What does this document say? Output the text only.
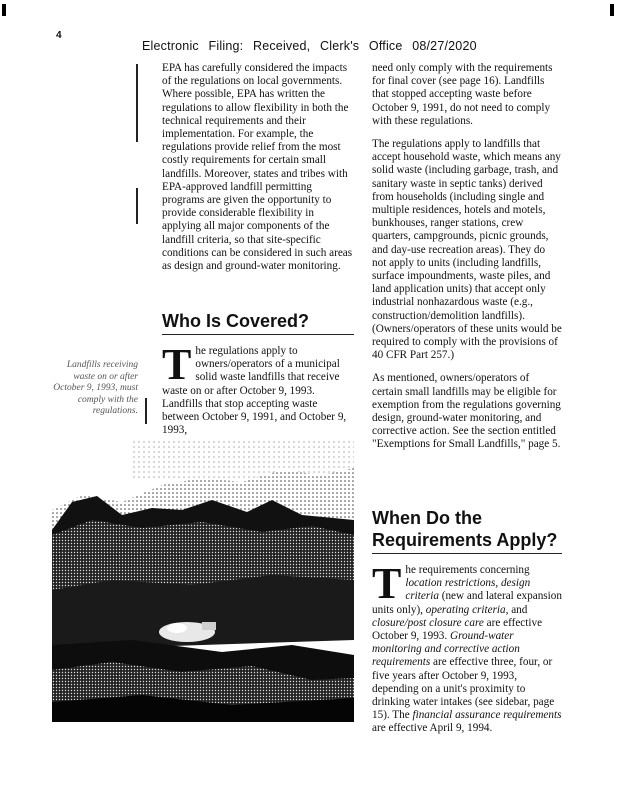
4
Electronic Filing: Received, Clerk's Office 08/27/2020

EPA has carefully considered the impacts of the regulations on local governments. Where possible, EPA has written the regulations to allow flexibility in both the technical requirements and their implementation. For example, the regulations provide relief from the most costly requirements for certain small landfills. Moreover, states and tribes with EPA-approved landfill permitting programs are given the opportunity to provide considerable flexibility in applying all major components of the landfill criteria, so that site-specific conditions can be considered in such areas as design and ground-water monitoring.

Who Is Covered?
The regulations apply to owners/operators of a municipal solid waste landfills that receive waste on or after October 9, 1993. Landfills that stop accepting waste between October 9, 1991, and October 9, 1993,
Landfills receiving waste on or after October 9, 1993, must comply with the regulations.

need only comply with the requirements for final cover (see page 16). Landfills that stopped accepting waste before October 9, 1991, do not need to comply with these regulations.

The regulations apply to landfills that accept household waste, which means any solid waste (including garbage, trash, and sanitary waste in septic tanks) derived from households (including single and multiple residences, hotels and motels, bunkhouses, ranger stations, crew quarters, campgrounds, picnic grounds, and day-use recreation areas). They do not apply to units (including landfills, surface impoundments, waste piles, and land application units) that accept only industrial nonhazardous waste (e.g., construction/demolition landfills). (Owners/operators of these units would be required to comply with the provisions of 40 CFR Part 257.)

As mentioned, owners/operators of certain small landfills may be eligible for exemption from the regulations governing design, ground-water monitoring, and corrective action. See the section entitled "Exemptions for Small Landfills," page 5.

When Do the Requirements Apply?
The requirements concerning location restrictions, design criteria (new and lateral expansion units only), operating criteria, and closure/post closure care are effective October 9, 1993. Ground-water monitoring and corrective action requirements are effective three, four, or five years after October 9, 1993, depending on a unit's proximity to drinking water intakes (see sidebar, page 15). The financial assurance requirements are effective April 9, 1994.
